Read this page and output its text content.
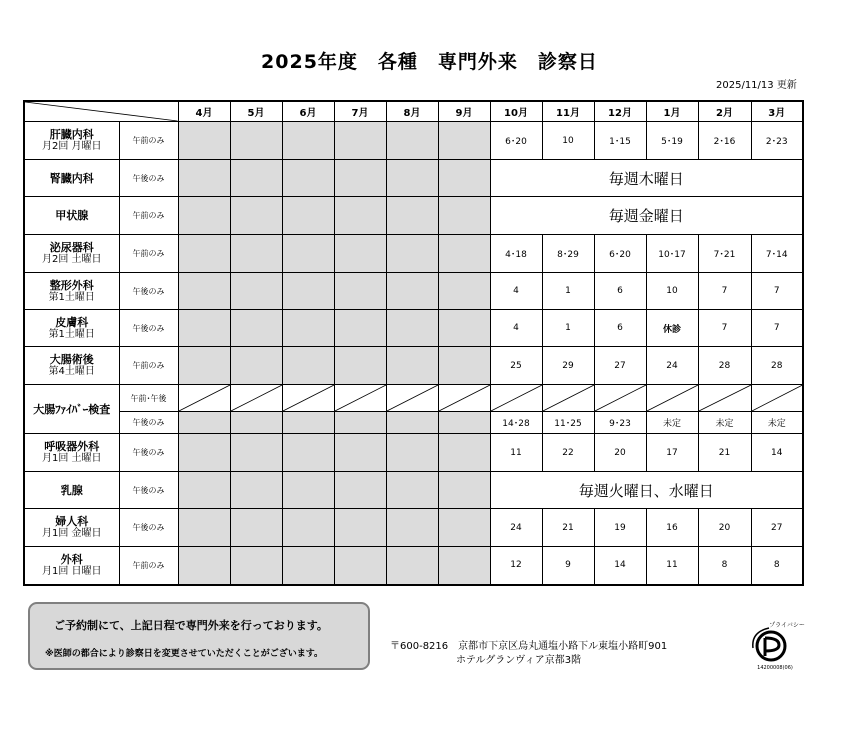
2025年度　各種　専門外来　診察日
2025/11/13 更新
	4月	5月	6月	7月	8月	9月	10月	11月	12月	1月	2月	3月
肝臓内科
月2回 月曜日	午前のみ							6･20	10	1･15	5･19	2･16	2･23
腎臓内科	午後のみ							毎週木曜日					
甲状腺	午前のみ							毎週金曜日					
泌尿器科
月2回 土曜日	午前のみ							4･18	8･29	6･20	10･17	7･21	7･14
整形外科
第1土曜日	午後のみ							4	1	6	10	7	7
皮膚科
第1土曜日	午後のみ							4	1	6	休診	7	7
大腸術後
第4土曜日	午前のみ							25	29	27	24	28	28
大腸ﾌｧｲﾊﾞｰ検査	午前･午後	

	午後のみ							14･28	11･25	9･23	未定	未定	未定
呼吸器外科
月1回 土曜日	午後のみ							11	22	20	17	21	14
乳腺	午後のみ							毎週火曜日、水曜日					
婦人科
月1回 金曜日	午後のみ							24	21	19	16	20	27
外科
月1回 日曜日	午前のみ							12	9	14	11	8	8
ご予約制にて、上記日程で専門外来を行っております。
※医師の都合により診察日を変更させていただくことがございます。
〒600-8216　京都市下京区烏丸通塩小路下ル東塩小路町901
ホテルグランヴィア京都3階
プライバシー
14200008(06)
